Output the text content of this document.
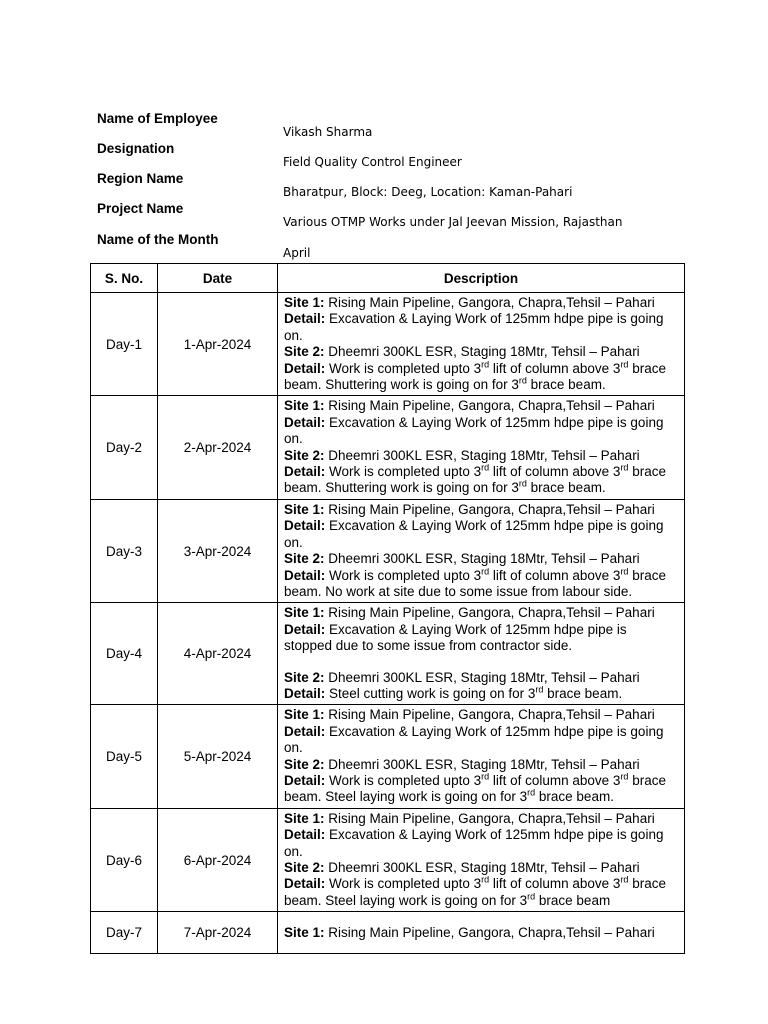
Name of Employee
Vikash Sharma
Designation
Field Quality Control Engineer
Region Name
Bharatpur, Block: Deeg, Location: Kaman-Pahari
Project Name
Various OTMP Works under Jal Jeevan Mission, Rajasthan
Name of the Month
April
S. No.	Date	Description
Day-1	1-Apr-2024	Site 1: Rising Main Pipeline, Gangora, Chapra,Tehsil – Pahari
Detail: Excavation & Laying Work of 125mm hdpe pipe is going on.
Site 2: Dheemri 300KL ESR, Staging 18Mtr, Tehsil – Pahari
Detail: Work is completed upto 3rd lift of column above 3rd brace beam. Shuttering work is going on for 3rd brace beam.

Day-2	2-Apr-2024	Site 1: Rising Main Pipeline, Gangora, Chapra,Tehsil – Pahari
Detail: Excavation & Laying Work of 125mm hdpe pipe is going on.
Site 2: Dheemri 300KL ESR, Staging 18Mtr, Tehsil – Pahari
Detail: Work is completed upto 3rd lift of column above 3rd brace beam. Shuttering work is going on for 3rd brace beam.

Day-3	3-Apr-2024	Site 1: Rising Main Pipeline, Gangora, Chapra,Tehsil – Pahari
Detail: Excavation & Laying Work of 125mm hdpe pipe is going on.
Site 2: Dheemri 300KL ESR, Staging 18Mtr, Tehsil – Pahari
Detail: Work is completed upto 3rd lift of column above 3rd brace beam. No work at site due to some issue from labour side.

Day-4	4-Apr-2024	Site 1: Rising Main Pipeline, Gangora, Chapra,Tehsil – Pahari
Detail: Excavation & Laying Work of 125mm hdpe pipe is stopped due to some issue from contractor side.
Site 2: Dheemri 300KL ESR, Staging 18Mtr, Tehsil – Pahari
Detail: Steel cutting work is going on for 3rd brace beam.

Day-5	5-Apr-2024	Site 1: Rising Main Pipeline, Gangora, Chapra,Tehsil – Pahari
Detail: Excavation & Laying Work of 125mm hdpe pipe is going on.
Site 2: Dheemri 300KL ESR, Staging 18Mtr, Tehsil – Pahari
Detail: Work is completed upto 3rd lift of column above 3rd brace beam. Steel laying work is going on for 3rd brace beam.

Day-6	6-Apr-2024	Site 1: Rising Main Pipeline, Gangora, Chapra,Tehsil – Pahari
Detail: Excavation & Laying Work of 125mm hdpe pipe is going on.
Site 2: Dheemri 300KL ESR, Staging 18Mtr, Tehsil – Pahari
Detail: Work is completed upto 3rd lift of column above 3rd brace beam. Steel laying work is going on for 3rd brace beam

Day-7	7-Apr-2024	Site 1: Rising Main Pipeline, Gangora, Chapra,Tehsil – Pahari
